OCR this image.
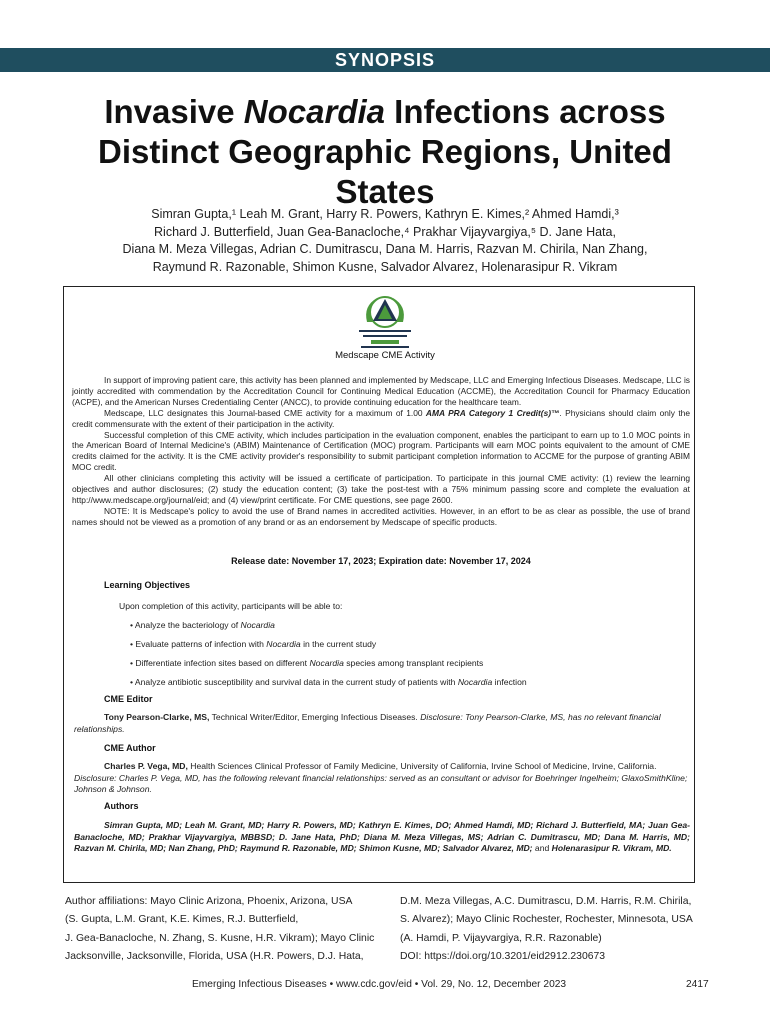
SYNOPSIS
Invasive Nocardia Infections across Distinct Geographic Regions, United States
Simran Gupta,¹ Leah M. Grant, Harry R. Powers, Kathryn E. Kimes,² Ahmed Hamdi,³
Richard J. Butterfield, Juan Gea-Banacloche,⁴ Prakhar Vijayvargiya,⁵ D. Jane Hata,
Diana M. Meza Villegas, Adrian C. Dumitrascu, Dana M. Harris, Razvan M. Chirila, Nan Zhang,
Raymund R. Razonable, Shimon Kusne, Salvador Alvarez, Holenarasipur R. Vikram
Medscape CME Activity

In support of improving patient care, this activity has been planned and implemented by Medscape, LLC and Emerging Infectious Diseases. Medscape, LLC is jointly accredited with commendation by the Accreditation Council for Continuing Medical Education (ACCME), the Accreditation Council for Pharmacy Education (ACPE), and the American Nurses Credentialing Center (ANCC), to provide continuing education for the healthcare team.

Medscape, LLC designates this Journal-based CME activity for a maximum of 1.00 AMA PRA Category 1 Credit(s)™. Physicians should claim only the credit commensurate with the extent of their participation in the activity.

Successful completion of this CME activity, which includes participation in the evaluation component, enables the participant to earn up to 1.0 MOC points in the American Board of Internal Medicine's (ABIM) Maintenance of Certification (MOC) program. Participants will earn MOC points equivalent to the amount of CME credits claimed for the activity. It is the CME activity provider's responsibility to submit participant completion information to ACCME for the purpose of granting ABIM MOC credit.

All other clinicians completing this activity will be issued a certificate of participation. To participate in this journal CME activity: (1) review the learning objectives and author disclosures; (2) study the education content; (3) take the post-test with a 75% minimum passing score and complete the evaluation at http://www.medscape.org/journal/eid; and (4) view/print certificate. For CME questions, see page 2600.

NOTE: It is Medscape's policy to avoid the use of Brand names in accredited activities. However, in an effort to be as clear as possible, the use of brand names should not be viewed as a promotion of any brand or as an endorsement by Medscape of specific products.

Release date: November 17, 2023; Expiration date: November 17, 2024
Learning Objectives
Upon completion of this activity, participants will be able to:
• Analyze the bacteriology of Nocardia
• Evaluate patterns of infection with Nocardia in the current study
• Differentiate infection sites based on different Nocardia species among transplant recipients
• Analyze antibiotic susceptibility and survival data in the current study of patients with Nocardia infection
CME Editor
Tony Pearson-Clarke, MS, Technical Writer/Editor, Emerging Infectious Diseases. Disclosure: Tony Pearson-Clarke, MS, has no relevant financial relationships.
CME Author
Charles P. Vega, MD, Health Sciences Clinical Professor of Family Medicine, University of California, Irvine School of Medicine, Irvine, California. Disclosure: Charles P. Vega, MD, has the following relevant financial relationships: served as an consultant or advisor for Boehringer Ingelheim; GlaxoSmithKline; Johnson & Johnson.
Authors
Simran Gupta, MD; Leah M. Grant, MD; Harry R. Powers, MD; Kathryn E. Kimes, DO; Ahmed Hamdi, MD; Richard J. Butterfield, MA; Juan Gea-Banacloche, MD; Prakhar Vijayvargiya, MBBSD; D. Jane Hata, PhD; Diana M. Meza Villegas, MS; Adrian C. Dumitrascu, MD; Dana M. Harris, MD; Razvan M. Chirila, MD; Nan Zhang, PhD; Raymund R. Razonable, MD; Shimon Kusne, MD; Salvador Alvarez, MD; and Holenarasipur R. Vikram, MD.
Author affiliations: Mayo Clinic Arizona, Phoenix, Arizona, USA
(S. Gupta, L.M. Grant, K.E. Kimes, R.J. Butterfield,
J. Gea-Banacloche, N. Zhang, S. Kusne, H.R. Vikram); Mayo Clinic
Jacksonville, Jacksonville, Florida, USA (H.R. Powers, D.J. Hata,
D.M. Meza Villegas, A.C. Dumitrascu, D.M. Harris, R.M. Chirila,
S. Alvarez); Mayo Clinic Rochester, Rochester, Minnesota, USA
(A. Hamdi, P. Vijayvargiya, R.R. Razonable)
DOI: https://doi.org/10.3201/eid2912.230673
Emerging Infectious Diseases • www.cdc.gov/eid • Vol. 29, No. 12, December 2023	2417
